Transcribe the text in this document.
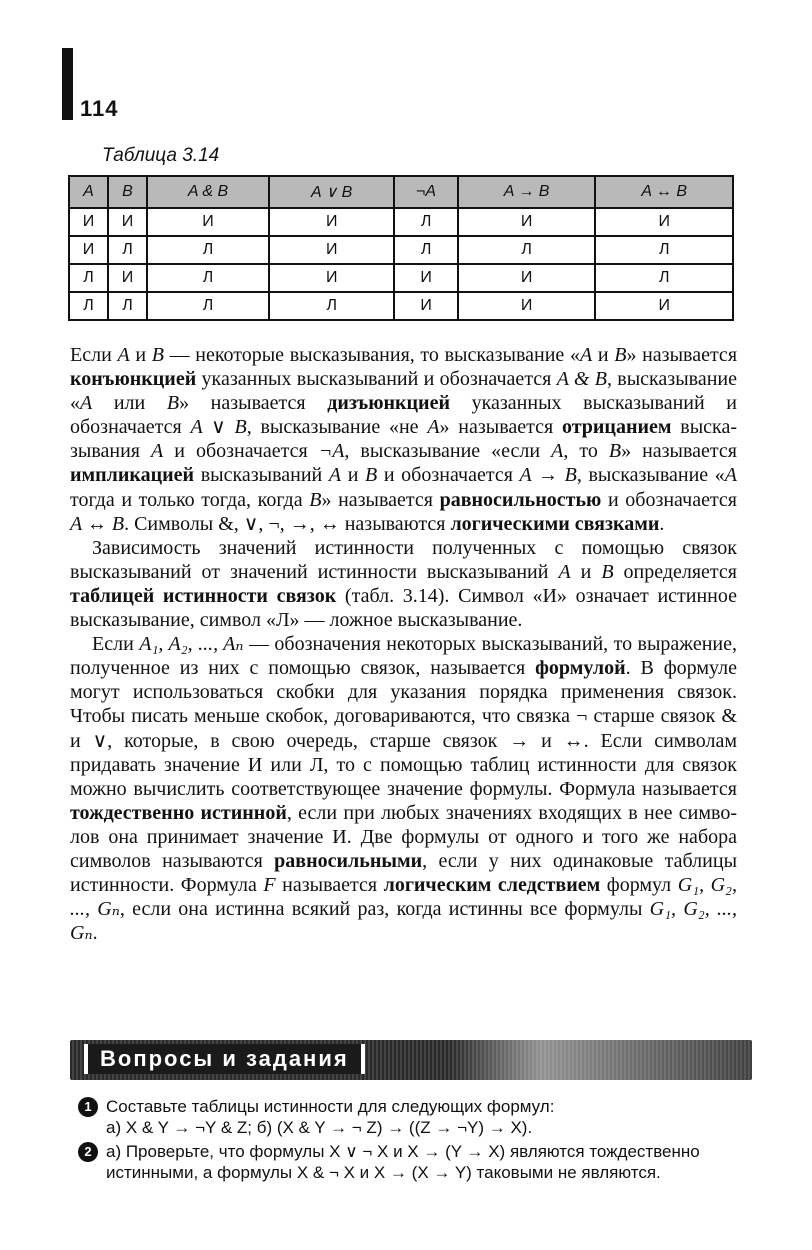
114
Таблица 3.14
A	B	A & B	A ∨ B	¬A	A → B	A ↔ B
И	И	И	И	Л	И	И
И	Л	Л	И	Л	Л	Л
Л	И	Л	И	И	И	Л
Л	Л	Л	Л	И	И	И

Если A и B — некоторые высказывания, то высказывание «A и B» называется конъюнкцией указанных высказываний и обозначается A & B, высказывание «A или B» называется дизъюнкцией указанных высказываний и обозначается A ∨ B, высказывание «не A» называется отрицанием высказывания A и обозначается ¬A, высказывание «если A, то B» называется импликацией высказываний A и B и обозначается A → B, высказывание «A тогда и только тогда, когда B» называется равносильностью и обозначается A ↔ B. Символы &, ∨, ¬, →, ↔ называются логическими связками.

Зависимость значений истинности полученных с помощью связок высказываний от значений истинности высказываний A и B определяется таблицей истинности связок (табл. 3.14). Символ «И» означает истинное высказывание, символ «Л» — ложное высказывание.

Если A₁, A₂, ..., Aₙ — обозначения некоторых высказываний, то выражение, полученное из них с помощью связок, называется формулой. В формуле могут использоваться скобки для указания порядка применения связок. Чтобы писать меньше скобок, договариваются, что связка ¬ старше связок & и ∨, которые, в свою очередь, старше связок → и ↔. Если символам придавать значение И или Л, то с помощью таблиц истинности для связок можно вычислить соответствующее значение формулы. Формула называется тождественно истинной, если при любых значениях входящих в нее символов она принимает значение И. Две формулы от одного и того же набора символов называются равносильными, если у них одинаковые таблицы истинности. Формула F называется логическим следствием формул G₁, G₂, ..., Gₙ, если она истинна всякий раз, когда истинны все формулы G₁, G₂, ..., Gₙ.

Вопросы и задания
1 Составьте таблицы истинности для следующих формул:
а) X & Y → ¬Y & Z; б) (X & Y → ¬ Z) → ((Z → ¬Y) → X).
2 а) Проверьте, что формулы X ∨ ¬ X и X → (Y → X) являются тождественно истинными, а формулы X & ¬ X и X → (X → Y) таковыми не являются.
